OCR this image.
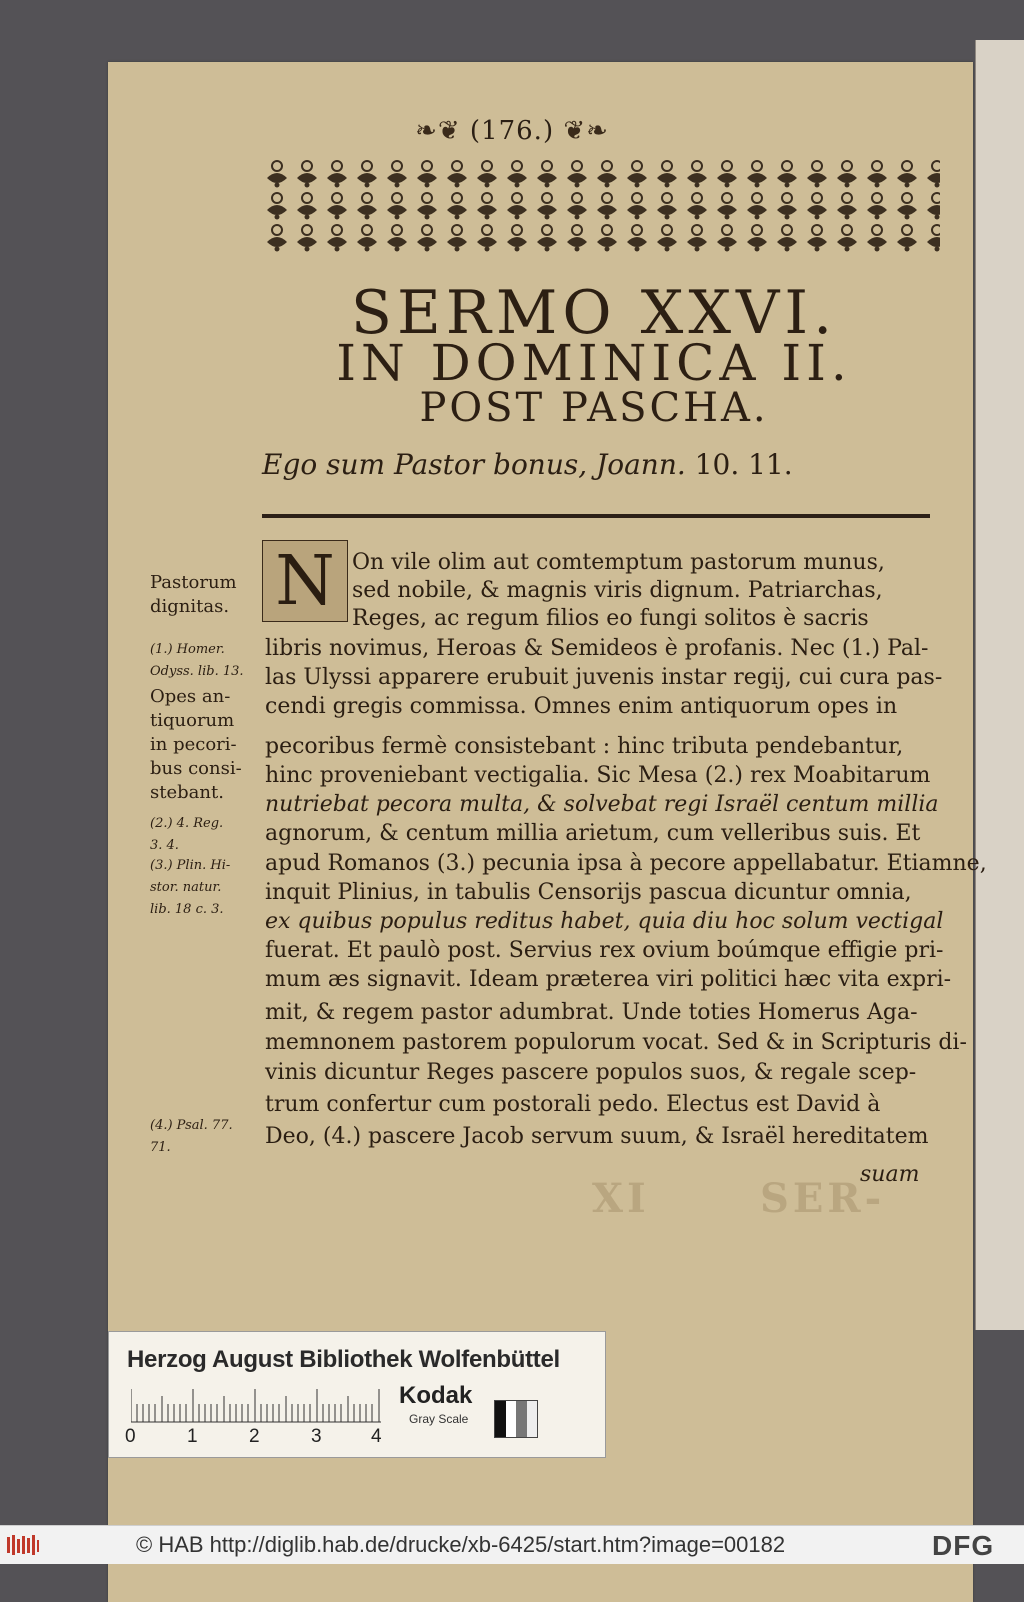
❧❦ (176.) ❦❧
SERMO XXVI.
IN DOMINICA II.
POST PASCHA.
Ego sum Pastor bonus, Joann. 10. 11.
N On vile olim aut comtemptum pastorum munus,
sed nobile, & magnis viris dignum. Patriarchas,
Reges, ac regum filios eo fungi solitos è sacris
libris novimus, Heroas & Semideos è profanis. Nec (1.) Pal-
las Ulyssi apparere erubuit juvenis instar regij, cui cura pas-
cendi gregis commissa. Omnes enim antiquorum opes in
pecoribus fermè consistebant : hinc tributa pendebantur,
hinc proveniebant vectigalia. Sic Mesa (2.) rex Moabitarum
nutriebat pecora multa, & solvebat regi Israël centum millia
agnorum, & centum millia arietum, cum velleribus suis. Et
apud Romanos (3.) pecunia ipsa à pecore appellabatur. Etiamne,
inquit Plinius, in tabulis Censorijs pascua dicuntur omnia,
ex quibus populus reditus habet, quia diu hoc solum vectigal
fuerat. Et paulò post. Servius rex ovium boúmque effigie pri-
mum æs signavit. Ideam præterea viri politici hæc vita expri-
mit, & regem pastor adumbrat. Unde toties Homerus Aga-
memnonem pastorem populorum vocat. Sed & in Scripturis di-
vinis dicuntur Reges pascere populos suos, & regale scep-
trum confertur cum postorali pedo. Electus est David à
Deo, (4.) pascere Jacob servum suum, & Israël hereditatem
suam
Pastorum
dignitas.
(1.) Homer.
Odyss. lib. 13.
Opes an-
tiquorum
in pecori-
bus consi-
stebant.
(2.) 4. Reg.
3. 4.
(3.) Plin. Hi-
stor. natur.
lib. 18 c. 3.
(4.) Psal. 77.
71.
XI	SER-
Herzog August Bibliothek Wolfenbüttel
0	1	2	3	4
Kodak
Gray Scale
© HAB http://diglib.hab.de/drucke/xb-6425/start.htm?image=00182	DFG
